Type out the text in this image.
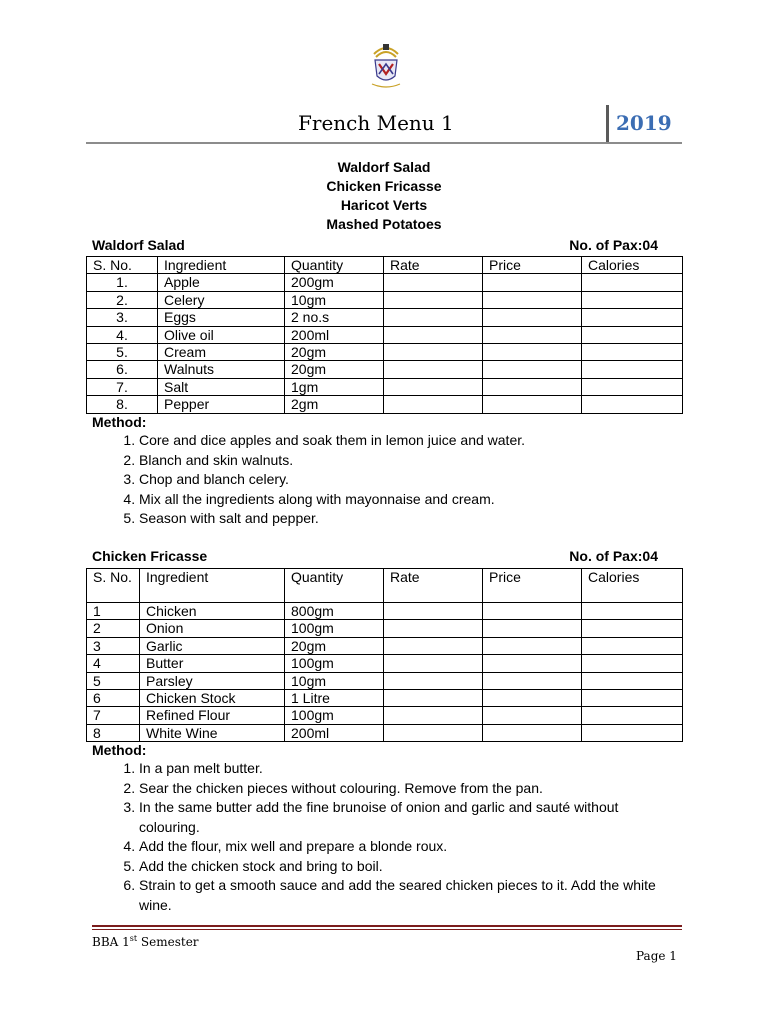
French Menu 1	2019
Waldorf Salad
Chicken Fricasse
Haricot Verts
Mashed Potatoes
Waldorf Salad	No. of Pax:04
S. No.	Ingredient	Quantity	Rate	Price	Calories
1.	Apple	200gm			
2.	Celery	10gm			
3.	Eggs	2 no.s			
4.	Olive oil	200ml			
5.	Cream	20gm			
6.	Walnuts	20gm			
7.	Salt	1gm			
8.	Pepper	2gm			
Method:
1. Core and dice apples and soak them in lemon juice and water.
2. Blanch and skin walnuts.
3. Chop and blanch celery.
4. Mix all the ingredients along with mayonnaise and cream.
5. Season with salt and pepper.
Chicken Fricasse	No. of Pax:04
S. No.	Ingredient	Quantity	Rate	Price	Calories
1	Chicken	800gm			
2	Onion	100gm			
3	Garlic	20gm			
4	Butter	100gm			
5	Parsley	10gm			
6	Chicken Stock	1 Litre			
7	Refined Flour	100gm			
8	White Wine	200ml			
Method:
1. In a pan melt butter.
2. Sear the chicken pieces without colouring. Remove from the pan.
3. In the same butter add the fine brunoise of onion and garlic and sauté without colouring.
4. Add the flour, mix well and prepare a blonde roux.
5. Add the chicken stock and bring to boil.
6. Strain to get a smooth sauce and add the seared chicken pieces to it. Add the white wine.
BBA 1st Semester
Page 1
